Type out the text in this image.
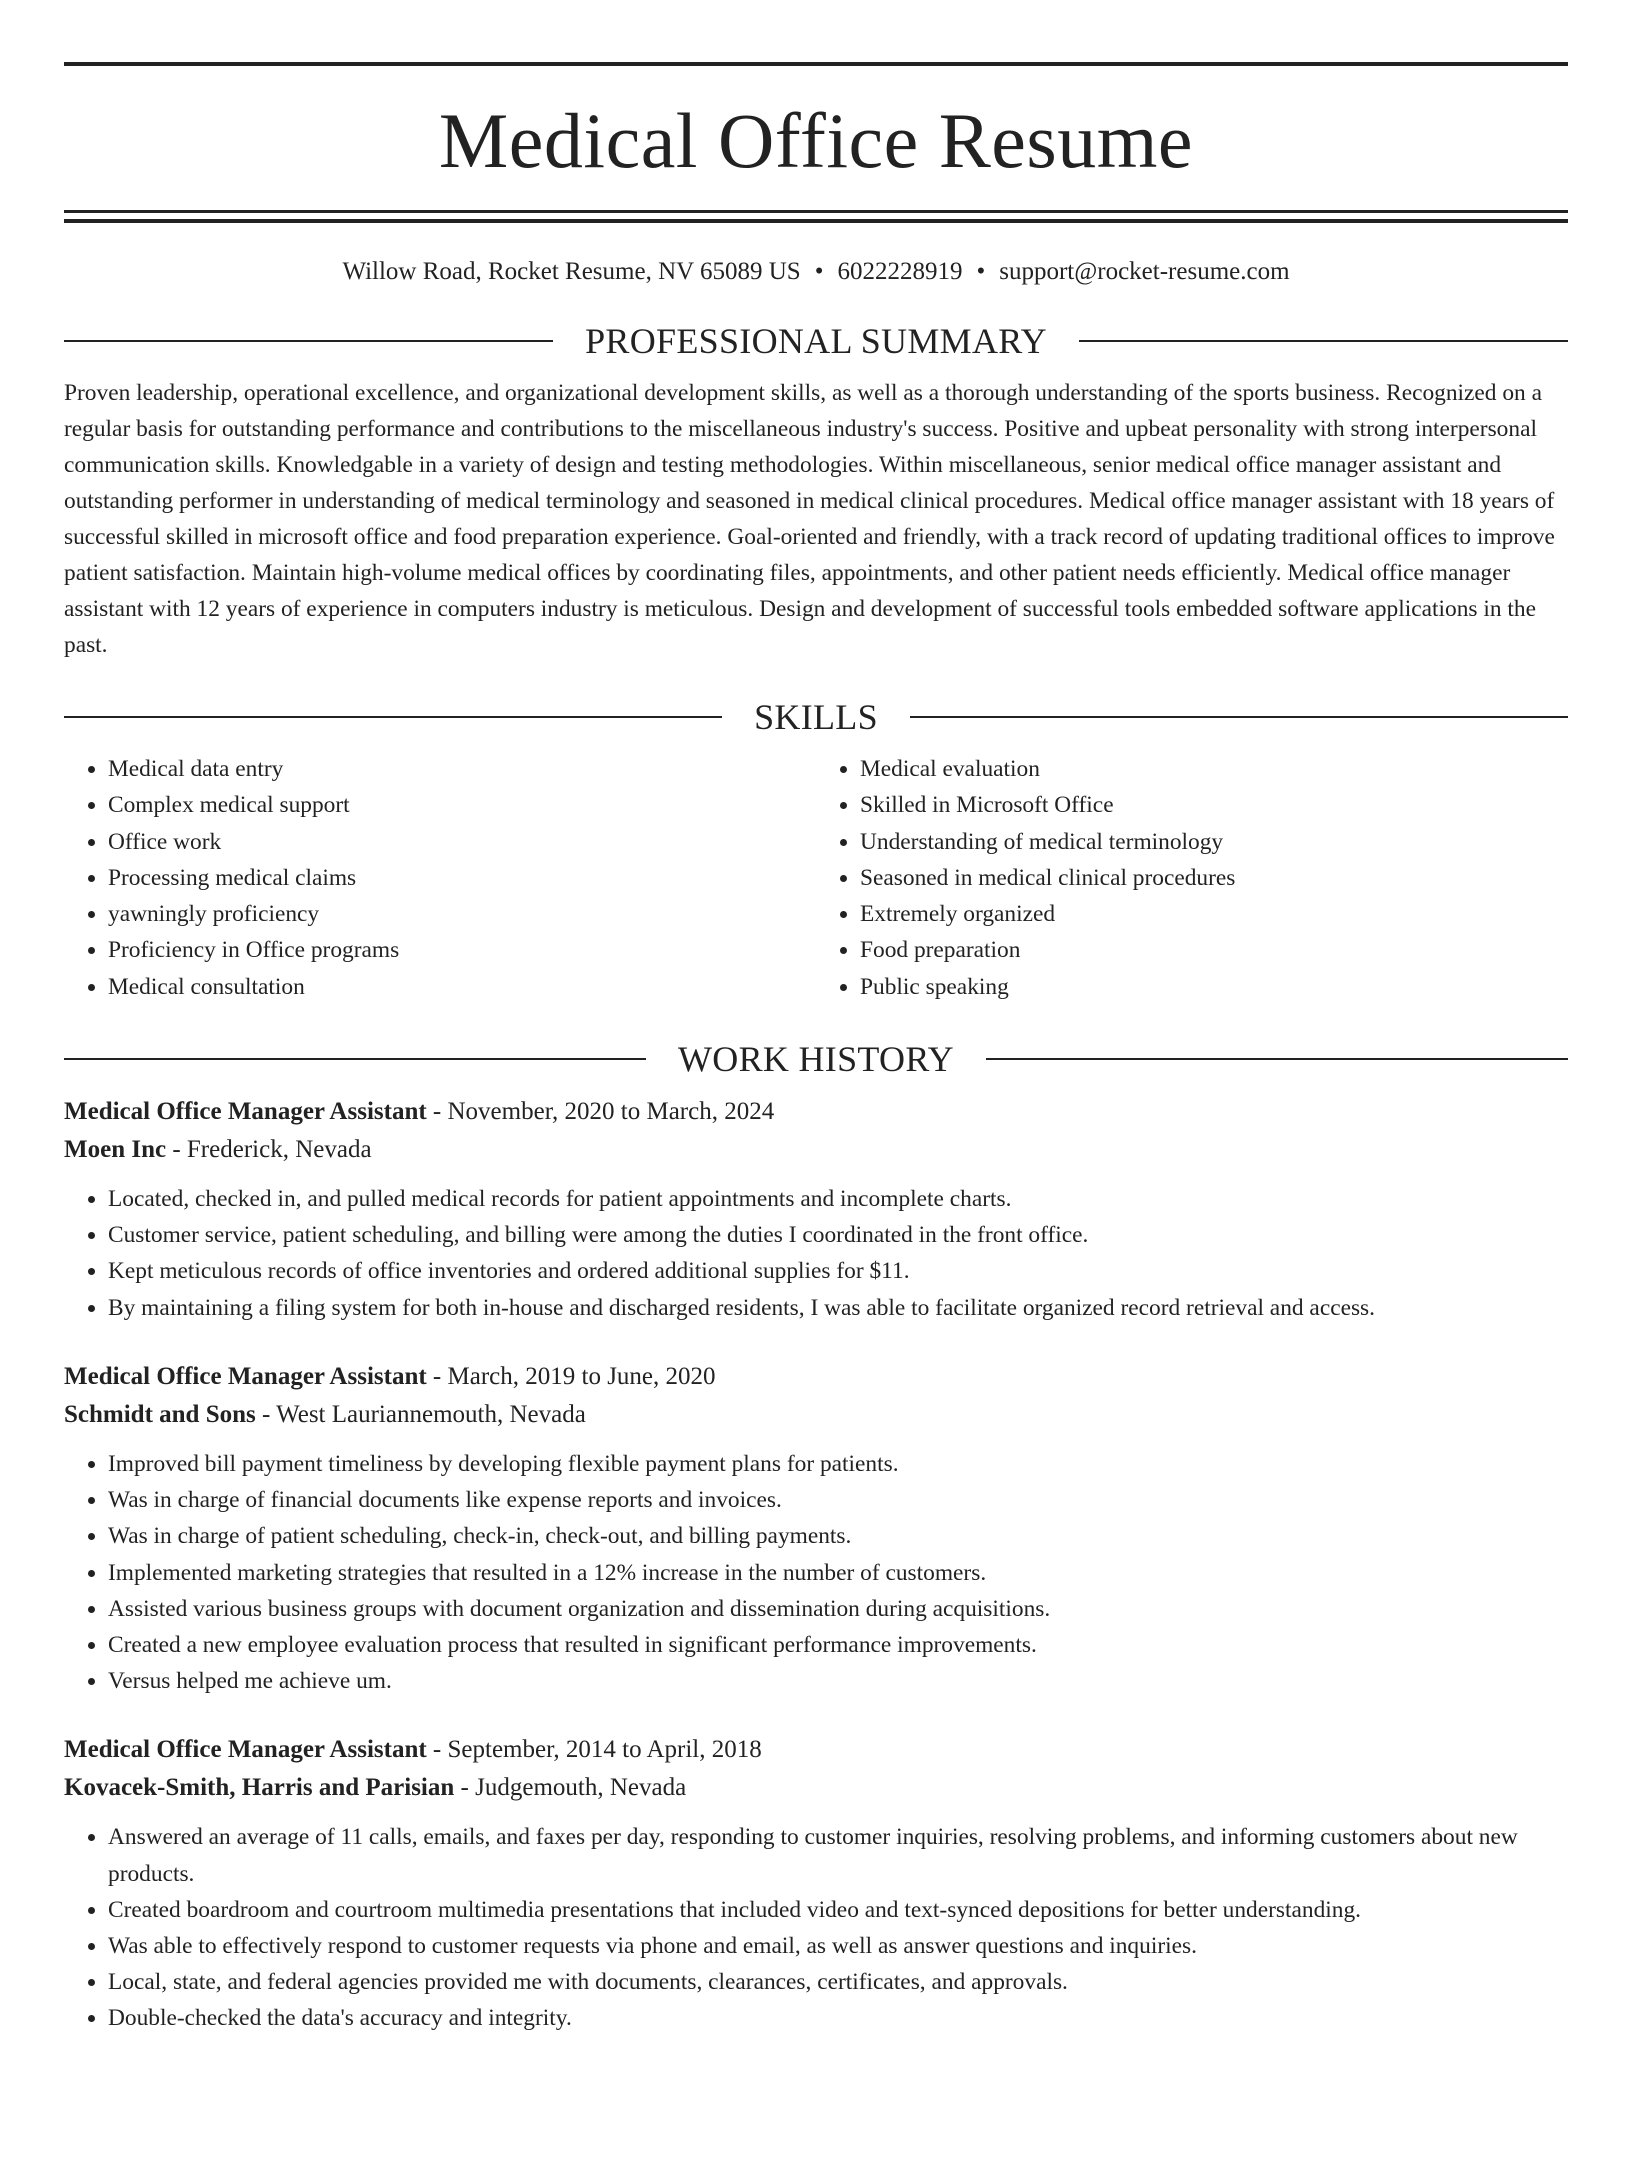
Medical Office Resume
Willow Road, Rocket Resume, NV 65089 US • 6022228919 • support@rocket-resume.com
PROFESSIONAL SUMMARY

Proven leadership, operational excellence, and organizational development skills, as well as a thorough understanding of the sports business. Recognized on a regular basis for outstanding performance and contributions to the miscellaneous industry's success. Positive and upbeat personality with strong interpersonal communication skills. Knowledgable in a variety of design and testing methodologies. Within miscellaneous, senior medical office manager assistant and outstanding performer in understanding of medical terminology and seasoned in medical clinical procedures. Medical office manager assistant with 18 years of successful skilled in microsoft office and food preparation experience. Goal-oriented and friendly, with a track record of updating traditional offices to improve patient satisfaction. Maintain high-volume medical offices by coordinating files, appointments, and other patient needs efficiently. Medical office manager assistant with 12 years of experience in computers industry is meticulous. Design and development of successful tools embedded software applications in the past.

SKILLS
• Medical data entry
• Complex medical support
• Office work
• Processing medical claims
• yawningly proficiency
• Proficiency in Office programs
• Medical consultation
• Medical evaluation
• Skilled in Microsoft Office
• Understanding of medical terminology
• Seasoned in medical clinical procedures
• Extremely organized
• Food preparation
• Public speaking
WORK HISTORY
Medical Office Manager Assistant - November, 2020 to March, 2024
Moen Inc - Frederick, Nevada
• Located, checked in, and pulled medical records for patient appointments and incomplete charts.
• Customer service, patient scheduling, and billing were among the duties I coordinated in the front office.
• Kept meticulous records of office inventories and ordered additional supplies for $11.
• By maintaining a filing system for both in-house and discharged residents, I was able to facilitate organized record retrieval and access.
Medical Office Manager Assistant - March, 2019 to June, 2020
Schmidt and Sons - West Lauriannemouth, Nevada
• Improved bill payment timeliness by developing flexible payment plans for patients.
• Was in charge of financial documents like expense reports and invoices.
• Was in charge of patient scheduling, check-in, check-out, and billing payments.
• Implemented marketing strategies that resulted in a 12% increase in the number of customers.
• Assisted various business groups with document organization and dissemination during acquisitions.
• Created a new employee evaluation process that resulted in significant performance improvements.
• Versus helped me achieve um.
Medical Office Manager Assistant - September, 2014 to April, 2018
Kovacek-Smith, Harris and Parisian - Judgemouth, Nevada
• Answered an average of 11 calls, emails, and faxes per day, responding to customer inquiries, resolving problems, and informing customers about new products.
• Created boardroom and courtroom multimedia presentations that included video and text-synced depositions for better understanding.
• Was able to effectively respond to customer requests via phone and email, as well as answer questions and inquiries.
• Local, state, and federal agencies provided me with documents, clearances, certificates, and approvals.
• Double-checked the data's accuracy and integrity.
